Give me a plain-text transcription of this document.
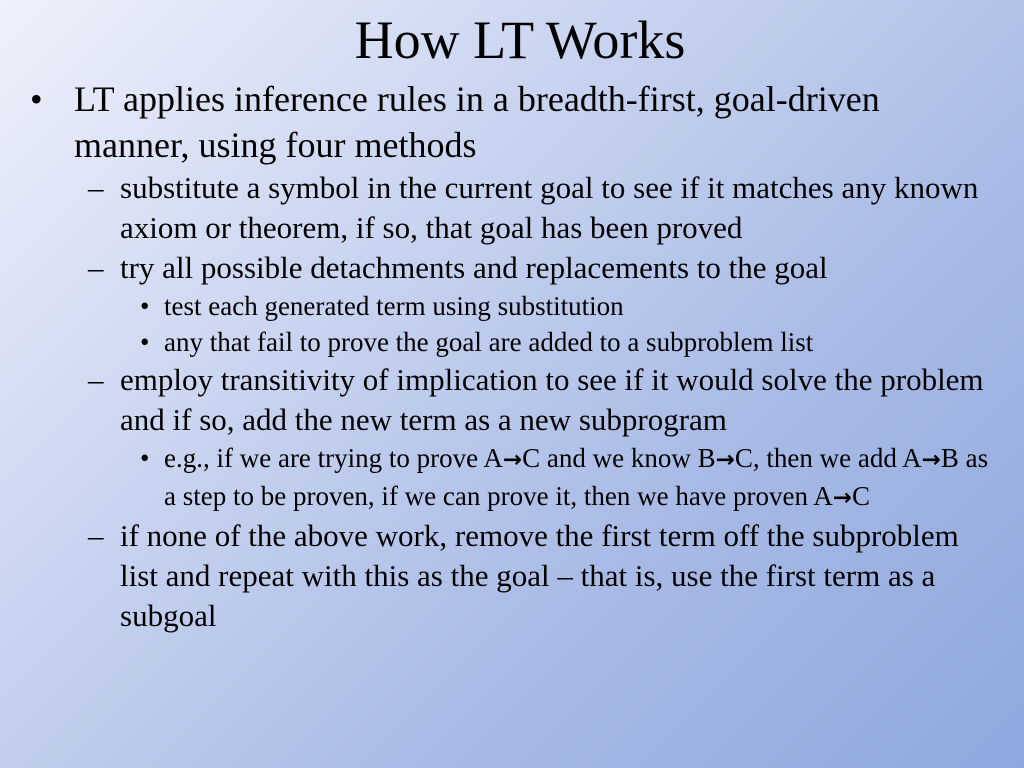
How LT Works
• LT applies inference rules in a breadth-first, goal-driven manner, using four methods
– substitute a symbol in the current goal to see if it matches any known axiom or theorem, if so, that goal has been proved
– try all possible detachments and replacements to the goal
• test each generated term using substitution
• any that fail to prove the goal are added to a subproblem list
– employ transitivity of implication to see if it would solve the problem and if so, add the new term as a new subprogram
• e.g., if we are trying to prove A→C and we know B→C, then we add A→B as a step to be proven, if we can prove it, then we have proven A→C
– if none of the above work, remove the first term off the subproblem list and repeat with this as the goal – that is, use the first term as a subgoal
